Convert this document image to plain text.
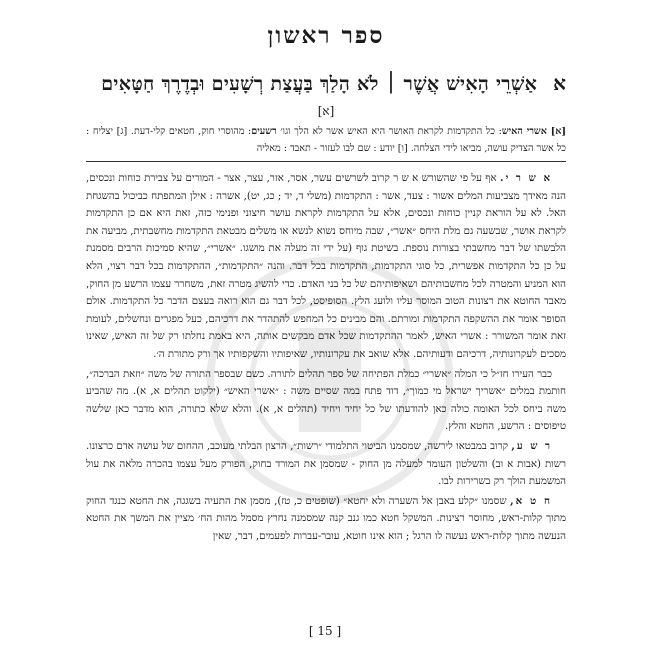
ספר ראשון
א
אַשְׁרֵי הָאִישׁ אֲשֶׁר ׀ לֹא הָלַךְ בַּעֲצַת רְשָׁעִים וּבְדֶרֶךְ חַטָּאִים
[א]
[א] אשרי האיש: כל התקדמות לקראת האושר היא האיש אשר לא הלך וגו׳ רשעים: מהוסרי חוק, חטאים קלי-דעת. [ג] יצליח : כל אשר הצדיק עושה, מביאו לידי הצלחה. [ו] יודע : שם לבו לעזור - תאבד : מאליה

א ש ר י. אף על פי שהשורש א ש ר קרוב לשרשים עשר, אסר, אזר, עצר, אצר - המורים על צבירת כוחות ונכסים, הנה מאידך מצביעות המלים אשור : צעד, אשר : התקדמות (משלי ד, יד ; כג, יט), אשרה : אילן המתפתח כביכול בהשגחת האל. לא על הוראת קניין כוחות ונכסים, אלא על התקדמות לקראת עושר חיצוני ופנימי כזה, זאת היא אם כן התקדמות לקראת אושר, שבשעה גם מלת היחס ״אשר״, שבה מיוחס נשוא לנשא או משלים מבטאת התקדמות מחשבתית, מביעה את הלבשתו של דבר מחשבתי בצורות נוספת. בשיטת גוף (על ידי זה מעלה את מושגו. ״אשרי״, שהיא סמיכות הרבים מסמנת על כן כל התקדמות אפשרית, כל סוגי התקדמות, התקדמות בכל דבר. והנה ״התקדמות״, ההתקדמות בכל דבר רצוי, הלא הוא המניע והמטרה לכל מחשבותיהם ושאיפותיהם של כל בני האדם. כדי להשיג מטרה זאת, משחרר עצמו הרשע מן החוק, מאבד החוטא את רצונות הטוב המוסר עליו ולועג הלץ. הסופיסט, לכל דבר גם הוא רואה בעצם הדבר כל התקדמות. אולם הסופר אומר את ההשקפה התקדמות ומורתם. והם מבינים כל המחפש להתהדר את דרכיהם, כעל מפגרים ונחשלים, לעומת זאת אומר המשורר : אשרי האיש, לאמר ההתקדמות שכל אדם מבקשים אותה, היא באמת נחלתו רק של זה האיש, שאינו מסכים לעקרונותיה, דרכיהם ודעותיהם. אלא שואב את עקרונותיו, שאיפותיו והשקפותיו אך ורק מתורת ה׳.

כבר העירו חז״ל כי המלה ״אשרי״ כמלת הפתיחה של ספר תהלים לתורה. כשם שבספר התורה של משה ״וזאת הברכה״, חותמת במלים ״אשריך ישראל מי כמוך״, דוד פתח במה שסיים משה : ״אשרי האיש״ (ילקוט תהלים א, א). מה שהביע משה ביחס לכל האומה כולה כאן להודעתו של כל יחיד ויחיד (תהלים א, א). והלא שלא כתורה, הוא מדבר כאן שלשה טיפוסים : הרשע, החטא והלץ.

ר ש ע, קרוב במבטאו לירשה, שמסמנו הביטוי התלמודי ״רשות״, הרצון הבלתי מעוכב, ההחום של עושה אדם כרצונו. רשות (אבות א וב) והשלטון העומד למעלה מן החוק - שמסמן את המורד בחוק, הפורק מעל עצמו בהכרה מלאה את עול המשמעת הולך רק בשרירות לבו.

ח ט א, שסמנו ״קלע באבן אל השערה ולא יחטא״ (שופטים כ, טז), מסמן את התעיה בשגגה, את החטא כנגד החוק מתוך קלות-ראש, מחוסר רצינות. המשקל חטא כמו גנב קנה שמסמנה נחרץ מסמל מהות הח׳ מציין את המשך את החטא הנעשה מתוך קלות-ראש נעשה לו הרגל ; הוא אינו חוטא, עובר-עברות לפעמים, דבר, שאין

[ 15 ]
